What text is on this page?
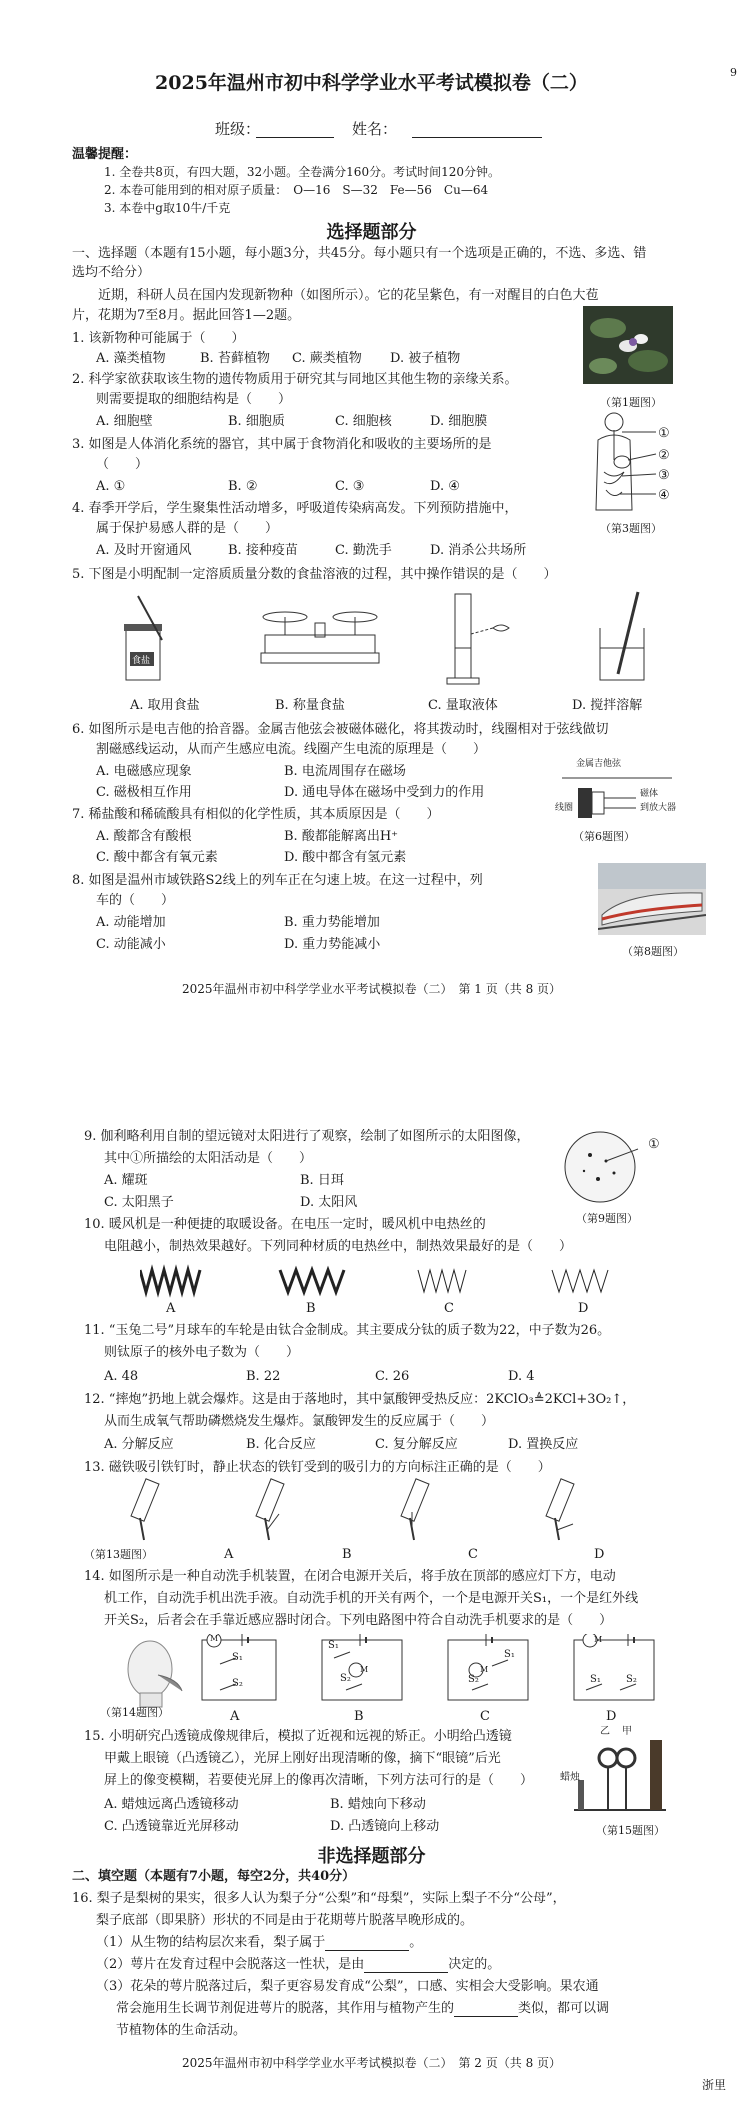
9
2025年温州市初中科学学业水平考试模拟卷（二）
班级：	姓名：
温馨提醒：
1. 全卷共8页，有四大题，32小题。全卷满分160分。考试时间120分钟。
2. 本卷可能用到的相对原子质量：　O—16　S—32　Fe—56　Cu—64
3. 本卷中g取10牛/千克
选择题部分
一、选择题（本题有15小题，每小题3分，共45分。每小题只有一个选项是正确的，不选、多选、错选均不给分）
近期，科研人员在国内发现新物种（如图所示）。它的花呈紫色，有一对醒目的白色大苞
片，花期为7至8月。据此回答1—2题。
1. 该新物种可能属于（　　）
A. 藻类植物	B. 苔藓植物 C. 蕨类植物 D. 被子植物
（第1题图）
2. 科学家欲获取该生物的遗传物质用于研究其与同地区其他生物的亲缘关系。
则需要提取的细胞结构是（　　）
A. 细胞壁	B. 细胞质	C. 细胞核	D. 细胞膜
3. 如图是人体消化系统的器官，其中属于食物消化和吸收的主要场所的是
（　　）
A. ①	B. ②	C. ③	D. ④
①
②
③
④
（第3题图）
4. 春季开学后，学生聚集性活动增多，呼吸道传染病高发。下列预防措施中，
属于保护易感人群的是（　　）
A. 及时开窗通风	B. 接种疫苗	C. 勤洗手	D. 消杀公共场所
5. 下图是小明配制一定溶质质量分数的食盐溶液的过程，其中操作错误的是（　　）
食盐
A. 取用食盐	B. 称量食盐	C. 量取液体	D. 搅拌溶解
6. 如图所示是电吉他的拾音器。金属吉他弦会被磁体磁化，将其拨动时，线圈相对于弦线做切
割磁感线运动，从而产生感应电流。线圈产生电流的原理是（　　）
A. 电磁感应现象	B. 电流周围存在磁场
C. 磁极相互作用	D. 通电导体在磁场中受到力的作用
金属吉他弦
磁体
线圈	到放大器
（第6题图）
7. 稀盐酸和稀硫酸具有相似的化学性质，其本质原因是（　　）
A. 酸都含有酸根	B. 酸都能解离出H⁺
C. 酸中都含有氧元素	D. 酸中都含有氢元素
8. 如图是温州市域铁路S2线上的列车正在匀速上坡。在这一过程中，列
车的（　　）
A. 动能增加	B. 重力势能增加
C. 动能减小	D. 重力势能减小	（第8题图）
2025年温州市初中科学学业水平考试模拟卷（二）　第 1 页（共 8 页）
9. 伽利略利用自制的望远镜对太阳进行了观察，绘制了如图所示的太阳图像，
其中①所描绘的太阳活动是（　　）
A. 耀斑	B. 日珥
C. 太阳黑子	D. 太阳风
①
（第9题图）
10. 暖风机是一种便捷的取暖设备。在电压一定时，暖风机中电热丝的
电阻越小，制热效果越好。下列同种材质的电热丝中，制热效果最好的是（　　）
A	B	C	D
11. “玉兔二号”月球车的车轮是由钛合金制成。其主要成分钛的质子数为22，中子数为26。
则钛原子的核外电子数为（　　）
A. 48	B. 22	C. 26	D. 4
12. “摔炮”扔地上就会爆炸。这是由于落地时，其中氯酸钾受热反应：2KClO₃≜2KCl+3O₂↑，
从而生成氧气帮助磷燃烧发生爆炸。氯酸钾发生的反应属于（　　）
A. 分解反应	B. 化合反应	C. 复分解反应	D. 置换反应
13. 磁铁吸引铁钉时，静止状态的铁钉受到的吸引力的方向标注正确的是（　　）
（第13题图）	A	B	C	D
14. 如图所示是一种自动洗手机装置，在闭合电源开关后，将手放在顶部的感应灯下方，电动
机工作，自动洗手机出洗手液。自动洗手机的开关有两个，一个是电源开关S₁，一个是红外线
开关S₂，后者会在手靠近感应器时闭合。下列电路图中符合自动洗手机要求的是（　　）
（第14题图）
M
S₁
S₂
S₁
M
S₂
M
S₁
S₂
M
S₁	S₂
A	B	C	D
15. 小明研究凸透镜成像规律后，模拟了近视和远视的矫正。小明给凸透镜
甲戴上眼镜（凸透镜乙），光屏上刚好出现清晰的像，摘下“眼镜”后光
屏上的像变模糊，若要使光屏上的像再次清晰，下列方法可行的是（　　）
A. 蜡烛远离凸透镜移动	B. 蜡烛向下移动
C. 凸透镜靠近光屏移动	D. 凸透镜向上移动
乙 甲
蜡烛
（第15题图）
非选择题部分
二、填空题（本题有7小题，每空2分，共40分）
16. 梨子是梨树的果实，很多人认为梨子分“公梨”和“母梨”，实际上梨子不分“公母”，
梨子底部（即果脐）形状的不同是由于花期萼片脱落早晚形成的。
（1）从生物的结构层次来看，梨子属于	。
（2）萼片在发育过程中会脱落这一性状，是由	决定的。
（3）花朵的萼片脱落过后，梨子更容易发育成“公梨”，口感、实相会大受影响。果农通
常会施用生长调节剂促进萼片的脱落，其作用与植物产生的	类似，都可以调
节植物体的生命活动。
2025年温州市初中科学学业水平考试模拟卷（二）　第 2 页（共 8 页）
浙里
